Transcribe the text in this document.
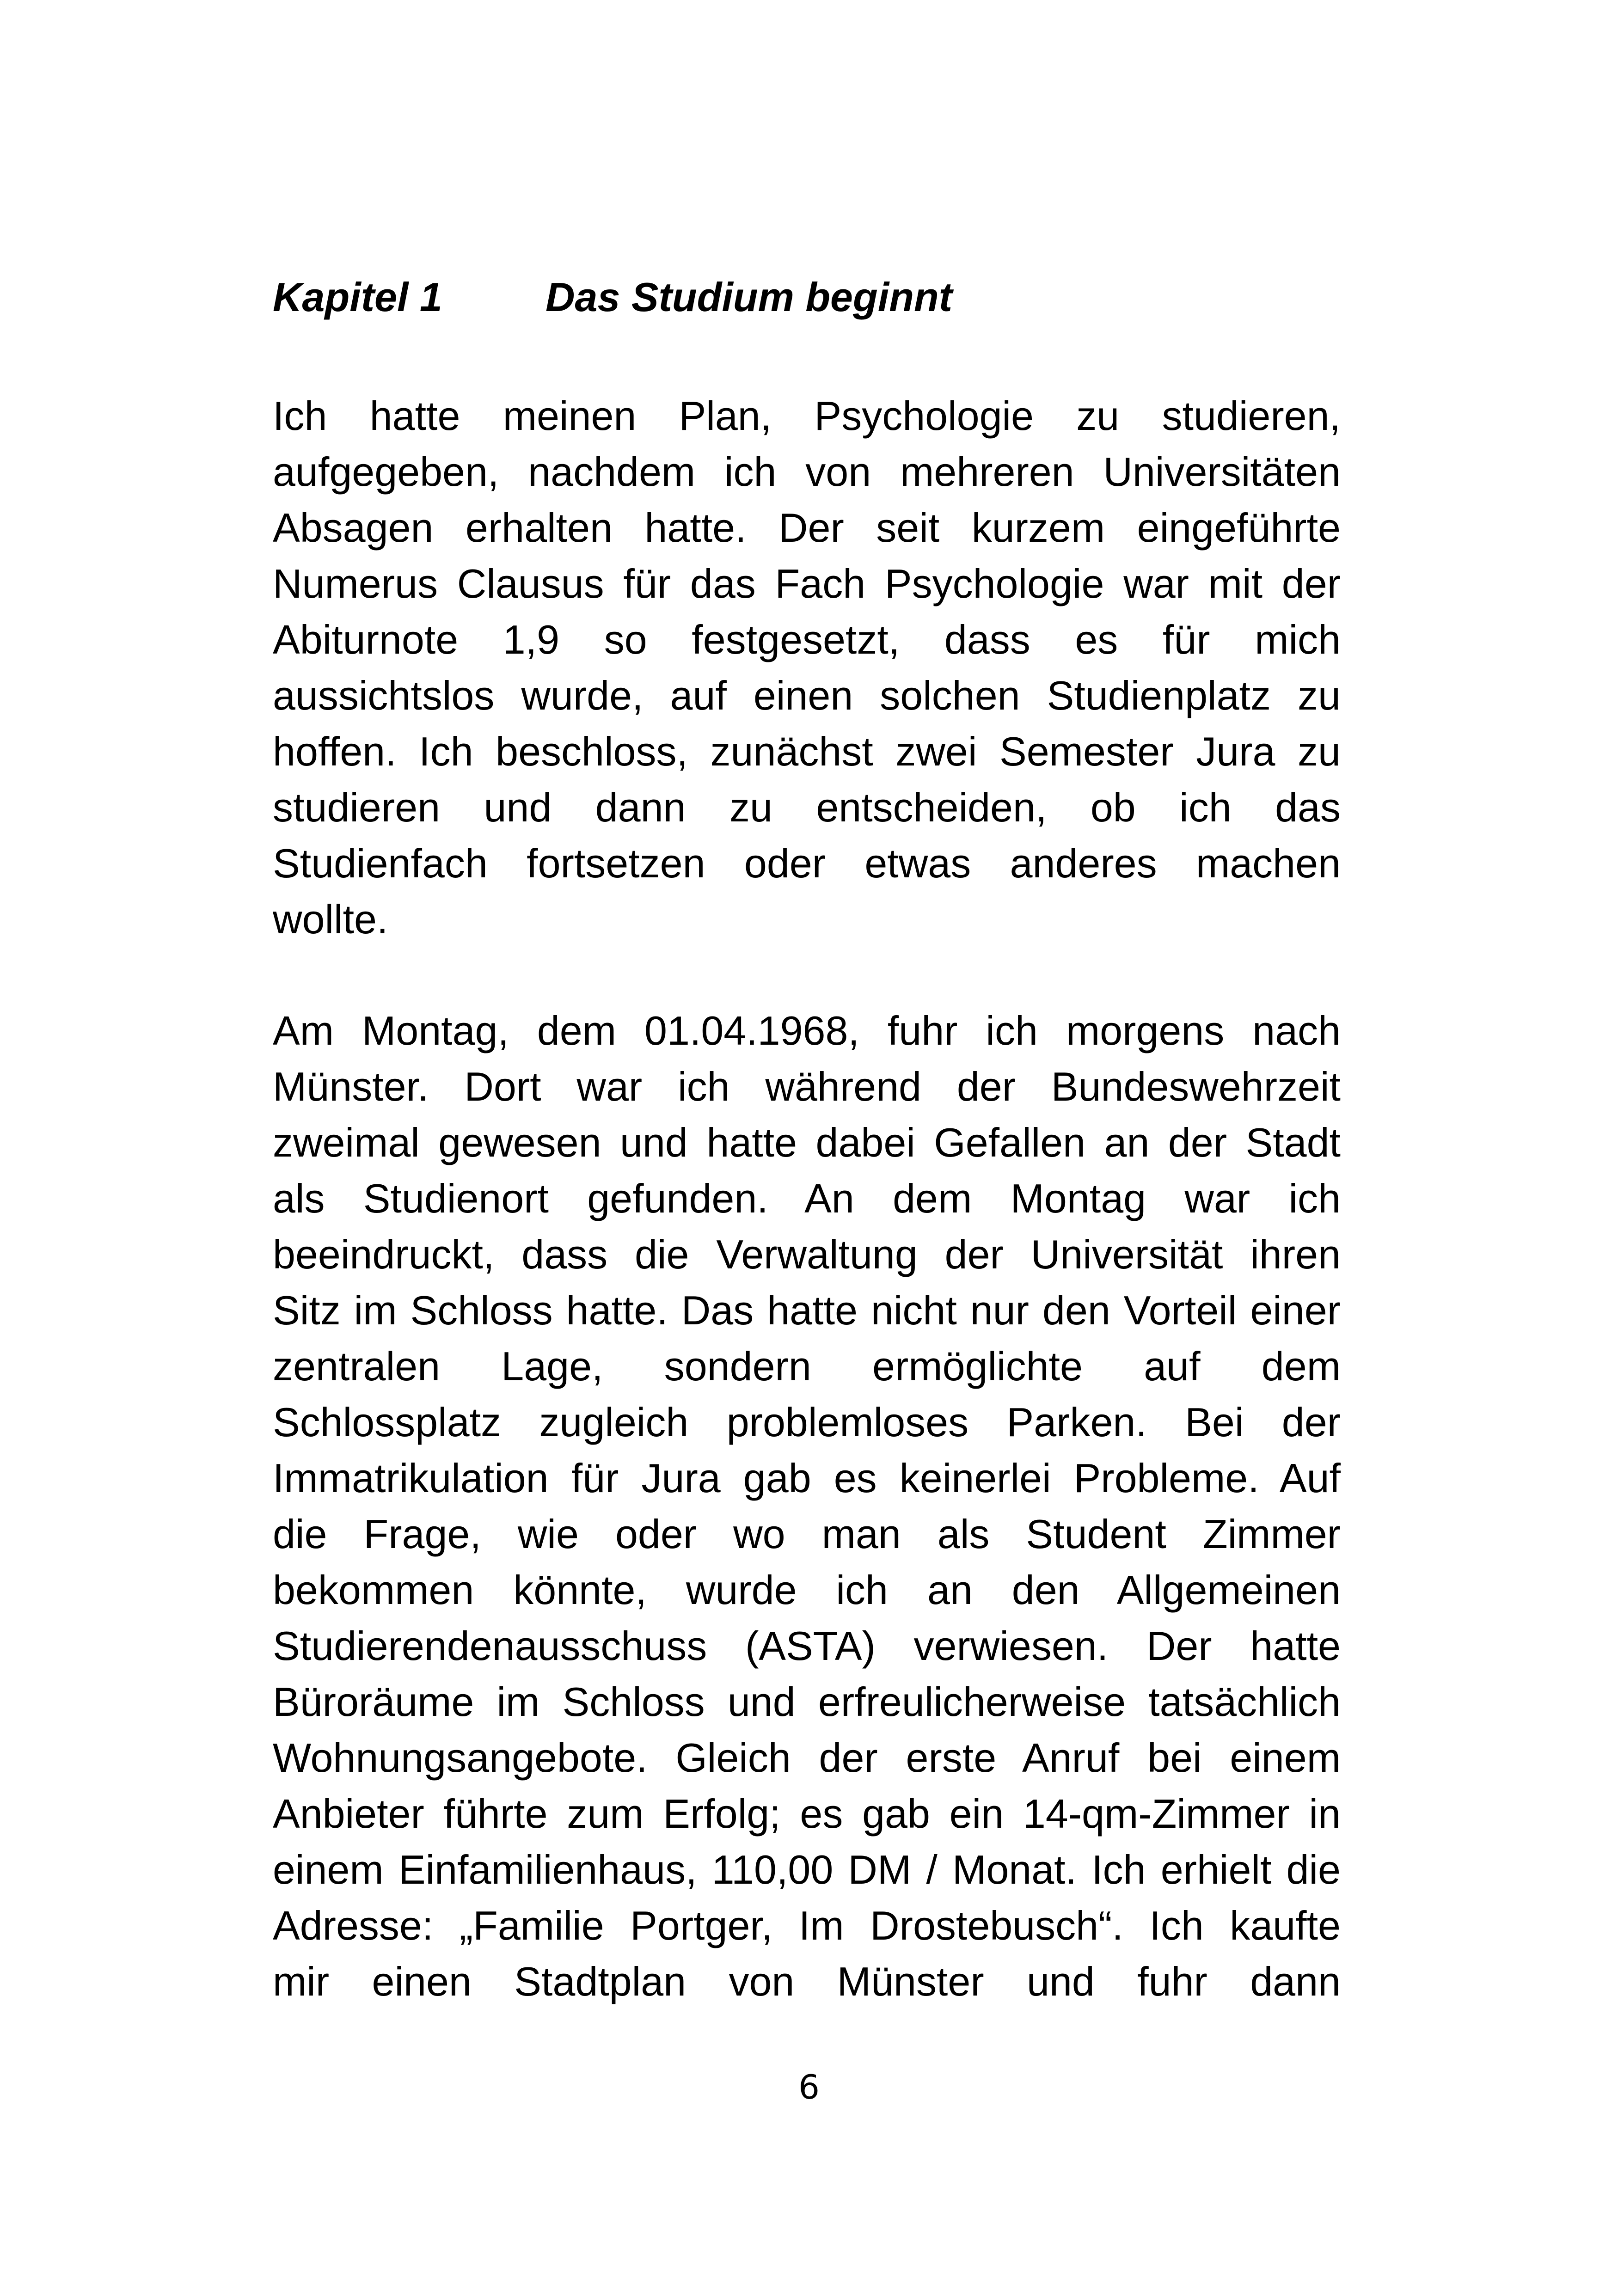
Kapitel 1	Das Studium beginnt
Ich hatte meinen Plan, Psychologie zu studieren,
aufgegeben, nachdem ich von mehreren Universitäten
Absagen erhalten hatte. Der seit kurzem eingeführte
Numerus Clausus für das Fach Psychologie war mit der
Abiturnote 1,9 so festgesetzt, dass es für mich
aussichtslos wurde, auf einen solchen Studienplatz zu
hoffen. Ich beschloss, zunächst zwei Semester Jura zu
studieren und dann zu entscheiden, ob ich das
Studienfach fortsetzen oder etwas anderes machen
wollte.
Am Montag, dem 01.04.1968, fuhr ich morgens nach
Münster. Dort war ich während der Bundeswehrzeit
zweimal gewesen und hatte dabei Gefallen an der Stadt
als Studienort gefunden. An dem Montag war ich
beeindruckt, dass die Verwaltung der Universität ihren
Sitz im Schloss hatte. Das hatte nicht nur den Vorteil einer
zentralen Lage, sondern ermöglichte auf dem
Schlossplatz zugleich problemloses Parken. Bei der
Immatrikulation für Jura gab es keinerlei Probleme. Auf
die Frage, wie oder wo man als Student Zimmer
bekommen könnte, wurde ich an den Allgemeinen
Studierendenausschuss (ASTA) verwiesen. Der hatte
Büroräume im Schloss und erfreulicherweise tatsächlich
Wohnungsangebote. Gleich der erste Anruf bei einem
Anbieter führte zum Erfolg; es gab ein 14-qm-Zimmer in
einem Einfamilienhaus, 110,00 DM / Monat. Ich erhielt die
Adresse: „Familie Portger, Im Drostebusch“. Ich kaufte
mir einen Stadtplan von Münster und fuhr dann
6
